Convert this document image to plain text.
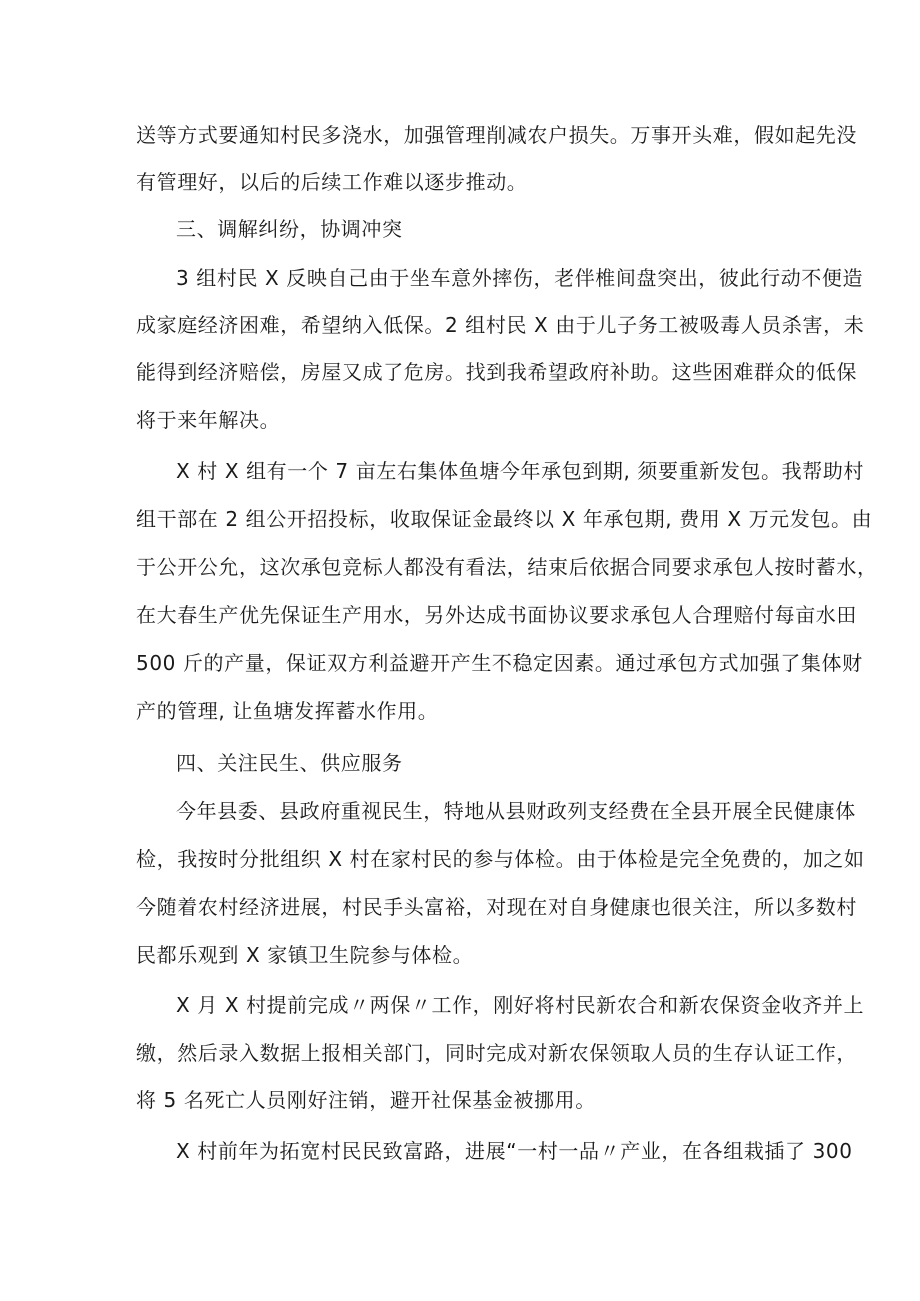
送等方式要通知村民多浇水，加强管理削减农户损失。万事开头难，假如起先没
有管理好，以后的后续工作难以逐步推动。
三、调解纠纷，协调冲突
3 组村民 X 反映自己由于坐车意外摔伤，老伴椎间盘突出，彼此行动不便造
成家庭经济困难，希望纳入低保。2 组村民 X 由于儿子务工被吸毒人员杀害，未
能得到经济赔偿，房屋又成了危房。找到我希望政府补助。这些困难群众的低保
将于来年解决。
X 村 X 组有一个 7 亩左右集体鱼塘今年承包到期, 须要重新发包。我帮助村
组干部在 2 组公开招投标，收取保证金最终以 X 年承包期, 费用 X 万元发包。由
于公开公允，这次承包竞标人都没有看法，结束后依据合同要求承包人按时蓄水，
在大春生产优先保证生产用水，另外达成书面协议要求承包人合理赔付每亩水田
500 斤的产量，保证双方利益避开产生不稳定因素。通过承包方式加强了集体财
产的管理, 让鱼塘发挥蓄水作用。
四、关注民生、供应服务
今年县委、县政府重视民生，特地从县财政列支经费在全县开展全民健康体
检，我按时分批组织 X 村在家村民的参与体检。由于体检是完全免费的，加之如
今随着农村经济进展，村民手头富裕，对现在对自身健康也很关注，所以多数村
民都乐观到 X 家镇卫生院参与体检。
X 月 X 村提前完成〃两保〃工作，刚好将村民新农合和新农保资金收齐并上
缴，然后录入数据上报相关部门，同时完成对新农保领取人员的生存认证工作，
将 5 名死亡人员刚好注销，避开社保基金被挪用。
X 村前年为拓宽村民民致富路，进展“一村一品〃产业，在各组栽插了 300
